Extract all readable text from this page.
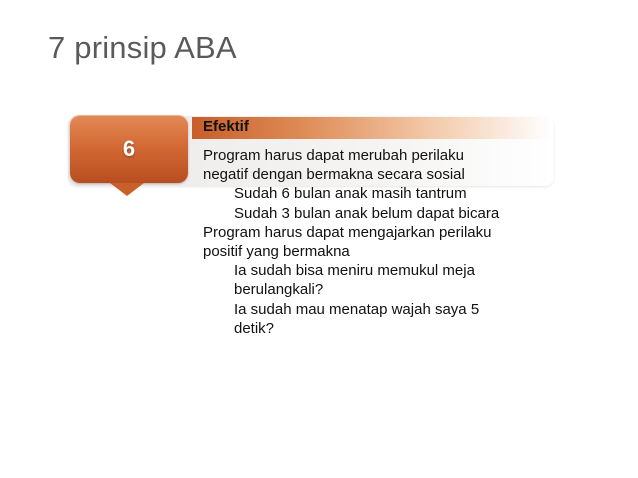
7 prinsip ABA
Efektif
6	Program harus dapat merubah perilaku
negatif dengan bermakna secara sosial
Sudah 6 bulan anak masih tantrum
Sudah 3 bulan anak belum dapat bicara
Program harus dapat mengajarkan perilaku
positif yang bermakna
Ia sudah bisa meniru memukul meja
berulangkali?
Ia sudah mau menatap wajah saya 5
detik?
